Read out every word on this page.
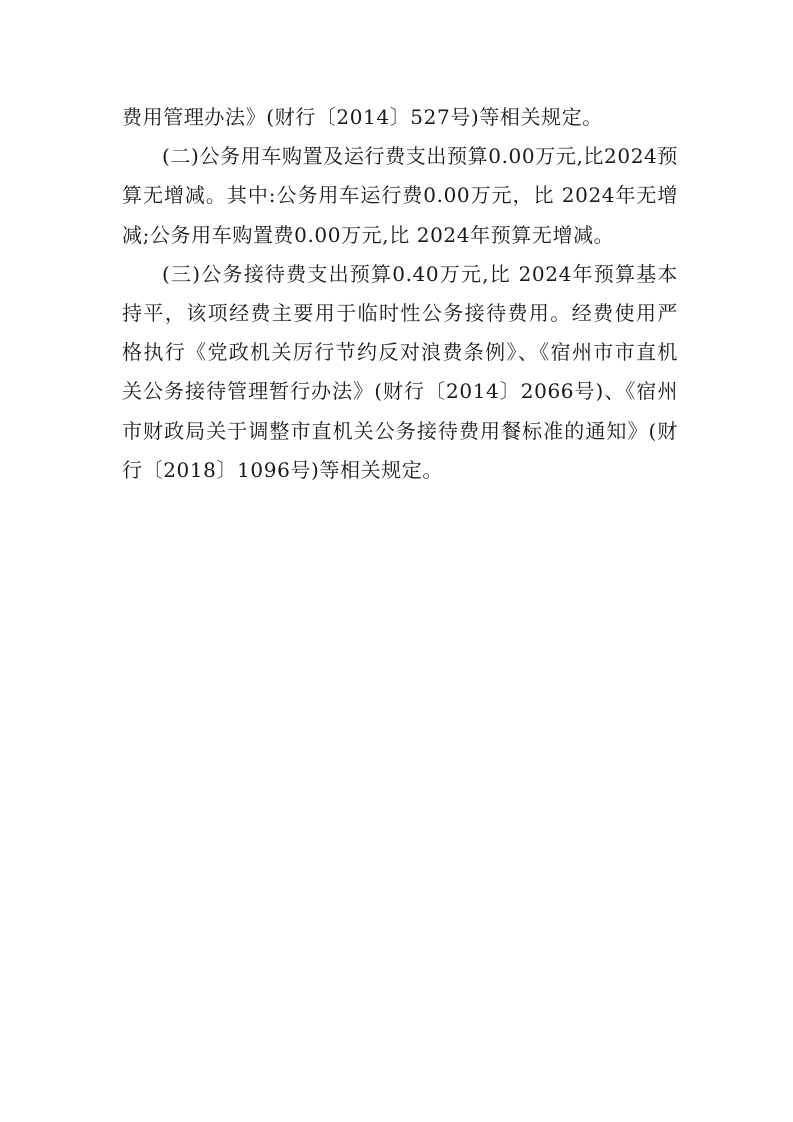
费用管理办法》(财行〔2014〕527号)等相关规定。

(二)公务用车购置及运行费支出预算0.00万元,比2024预算无增减。其中:公务用车运行费0.00万元，比 2024年无增减;公务用车购置费0.00万元,比 2024年预算无增减。

(三)公务接待费支出预算0.40万元,比 2024年预算基本持平，该项经费主要用于临时性公务接待费用。经费使用严格执行《党政机关厉行节约反对浪费条例》、《宿州市市直机关公务接待管理暂行办法》(财行〔2014〕2066号)、《宿州市财政局关于调整市直机关公务接待费用餐标准的通知》(财行〔2018〕1096号)等相关规定。
